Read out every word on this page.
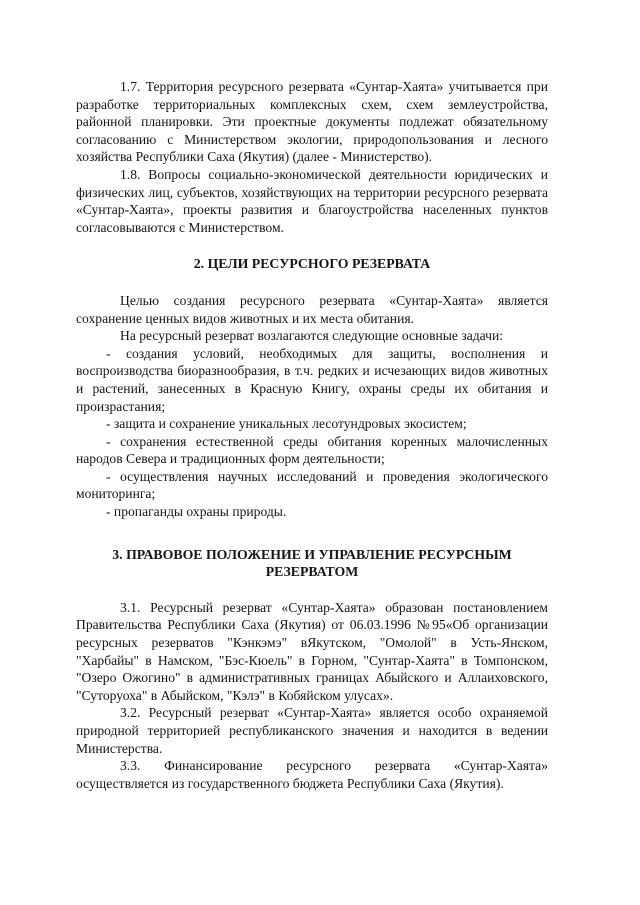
1.7. Территория ресурсного резервата «Сунтар-Хаята» учитывается при разработке территориальных комплексных схем, схем землеустройства, районной планировки. Эти проектные документы подлежат обязательному согласованию с Министерством экологии, природопользования и лесного хозяйства Республики Саха (Якутия) (далее - Министерство).

1.8. Вопросы социально-экономической деятельности юридических и физических лиц, субъектов, хозяйствующих на территории ресурсного резервата «Сунтар-Хаята», проекты развития и благоустройства населенных пунктов согласовываются с Министерством.

2. ЦЕЛИ РЕСУРСНОГО РЕЗЕРВАТА

Целью создания ресурсного резервата «Сунтар-Хаята» является сохранение ценных видов животных и их места обитания.

На ресурсный резерват возлагаются следующие основные задачи:

- создания условий, необходимых для защиты, восполнения и воспроизводства биоразнообразия, в т.ч. редких и исчезающих видов животных и растений, занесенных в Красную Книгу, охраны среды их обитания и произрастания;

- защита и сохранение уникальных лесотундровых экосистем;

- сохранения естественной среды обитания коренных малочисленных народов Севера и традиционных форм деятельности;

- осуществления научных исследований и проведения экологического мониторинга;

- пропаганды охраны природы.

3. ПРАВОВОЕ ПОЛОЖЕНИЕ И УПРАВЛЕНИЕ РЕСУРСНЫМ РЕЗЕРВАТОМ

3.1. Ресурсный резерват «Сунтар-Хаята» образован постановлением Правительства Республики Саха (Якутия) от 06.03.1996 №95«Об организации ресурсных резерватов "Кэнкэмэ" вЯкутском, "Омолой" в Усть-Янском, "Харбайы" в Намском, "Бэс-Кюель" в Горном, "Сунтар-Хаята" в Томпонском, "Озеро Ожогино" в административных границах Абыйского и Аллаиховского, "Суторуоха" в Абыйском, "Кэлэ" в Кобяйском улусах».

3.2. Ресурсный резерват «Сунтар-Хаята» является особо охраняемой природной территорией республиканского значения и находится в ведении Министерства.

3.3. Финансирование ресурсного резервата «Сунтар-Хаята» осуществляется из государственного бюджета Республики Саха (Якутия).
